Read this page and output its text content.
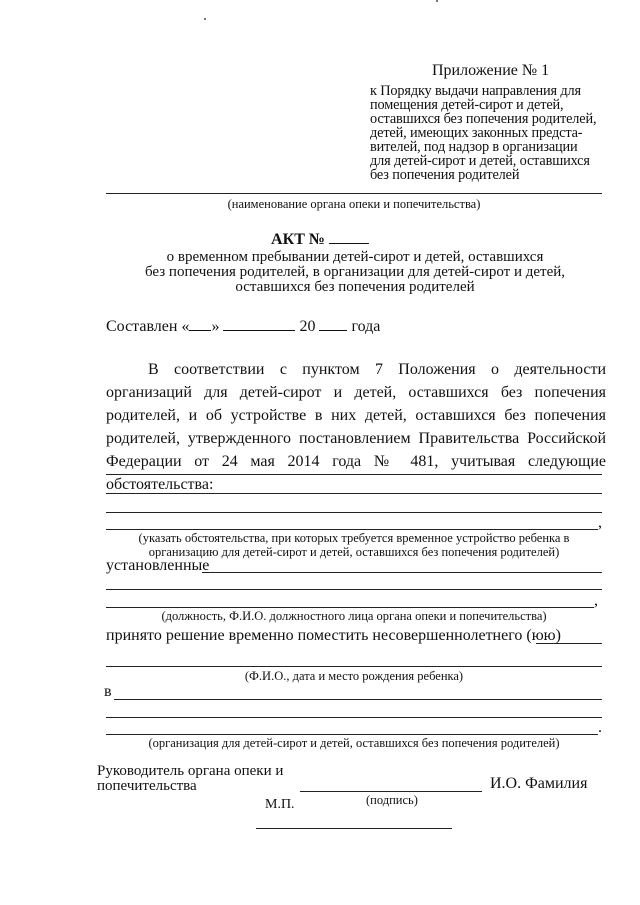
Приложение № 1
к Порядку выдачи направления для
помещения детей-сирот и детей,
оставшихся без попечения родителей,
детей, имеющих законных предста-
вителей, под надзор в организации
для детей-сирот и детей, оставшихся
без попечения родителей
(наименование органа опеки и попечительства)
АКТ №
о временном пребывании детей-сирот и детей, оставшихся
без попечения родителей, в организации для детей-сирот и детей,
оставшихся без попечения родителей
Составлен « »	20 года
В соответствии с пунктом 7 Положения о деятельности организаций для детей-сирот и детей, оставшихся без попечения родителей, и об устройстве в них детей, оставшихся без попечения родителей, утвержденного постановлением Правительства Российской Федерации от 24 мая 2014 года № 481, учитывая следующие обстоятельства:
,
(указать обстоятельства, при которых требуется временное устройство ребенка в
организацию для детей-сирот и детей, оставшихся без попечения родителей)
установленные
,
(должность, Ф.И.О. должностного лица органа опеки и попечительства)
принято решение временно поместить несовершеннолетнего (юю)
(Ф.И.О., дата и место рождения ребенка)
в
.
(организация для детей-сирот и детей, оставшихся без попечения родителей)
Руководитель органа опеки и
попечительства	И.О. Фамилия
(подпись)
М.П.
